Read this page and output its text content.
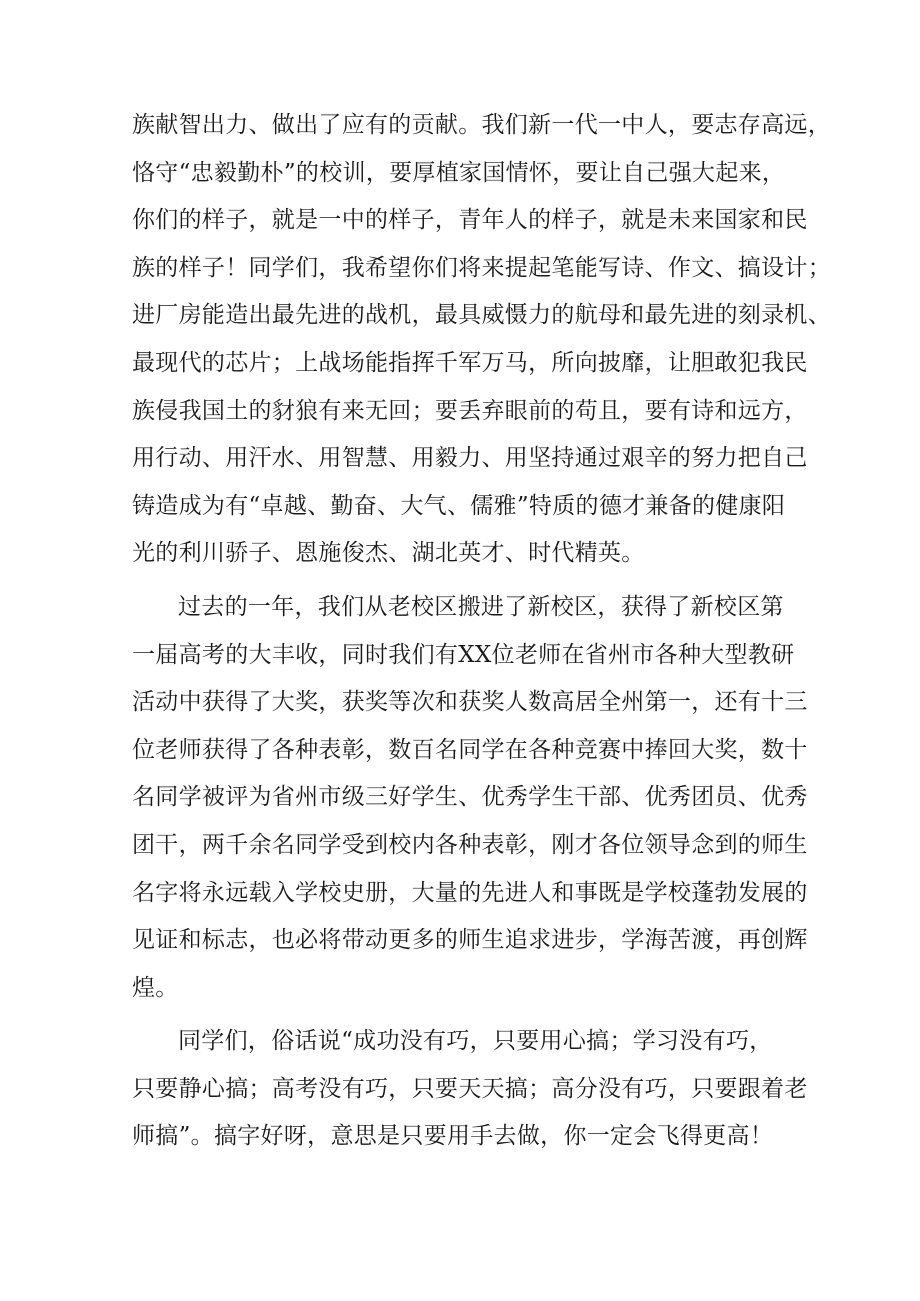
族献智出力、做出了应有的贡献。我们新一代一中人，要志存高远，
恪守“忠毅勤朴”的校训，要厚植家国情怀，要让自己强大起来，
你们的样子，就是一中的样子，青年人的样子，就是未来国家和民
族的样子！同学们，我希望你们将来提起笔能写诗、作文、搞设计；
进厂房能造出最先进的战机，最具威慑力的航母和最先进的刻录机、
最现代的芯片；上战场能指挥千军万马，所向披靡，让胆敢犯我民
族侵我国土的豺狼有来无回；要丢弃眼前的苟且，要有诗和远方，
用行动、用汗水、用智慧、用毅力、用坚持通过艰辛的努力把自己
铸造成为有“卓越、勤奋、大气、儒雅”特质的德才兼备的健康阳
光的利川骄子、恩施俊杰、湖北英才、时代精英。
过去的一年，我们从老校区搬进了新校区，获得了新校区第
一届高考的大丰收，同时我们有XX位老师在省州市各种大型教研
活动中获得了大奖，获奖等次和获奖人数高居全州第一，还有十三
位老师获得了各种表彰，数百名同学在各种竞赛中捧回大奖，数十
名同学被评为省州市级三好学生、优秀学生干部、优秀团员、优秀
团干，两千余名同学受到校内各种表彰，刚才各位领导念到的师生
名字将永远载入学校史册，大量的先进人和事既是学校蓬勃发展的
见证和标志，也必将带动更多的师生追求进步，学海苦渡，再创辉
煌。
同学们，俗话说“成功没有巧，只要用心搞；学习没有巧，
只要静心搞；高考没有巧，只要天天搞；高分没有巧，只要跟着老
师搞”。搞字好呀，意思是只要用手去做，你一定会飞得更高！
